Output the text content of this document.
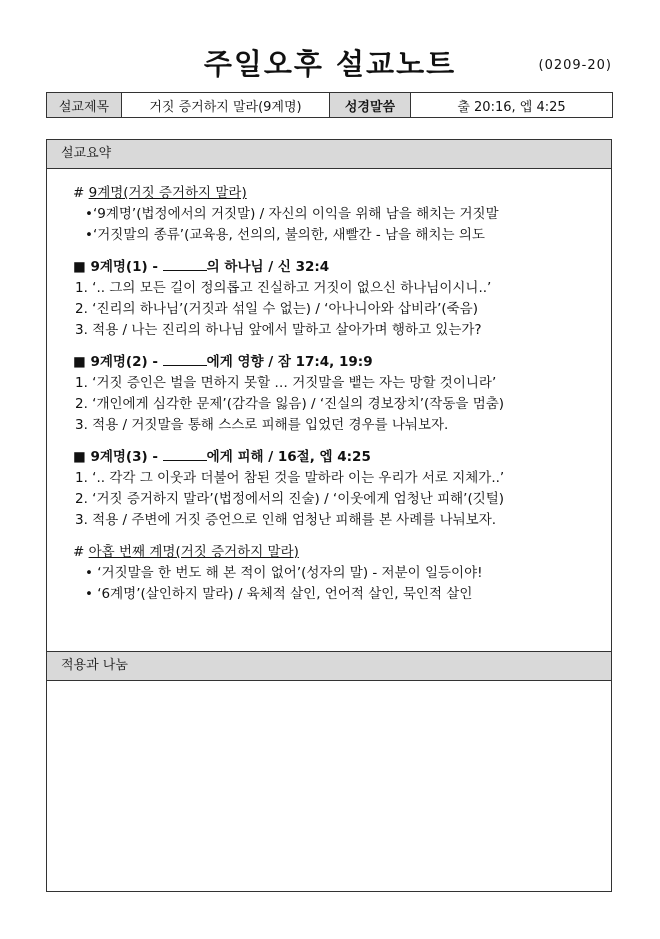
주일오후 설교노트	(0209-20)
설교제목	거짓 증거하지 말라(9계명)	성경말씀	출 20:16, 엡 4:25
설교요약
# 9계명(거짓 증거하지 말라)
•‘9계명’(법정에서의 거짓말) / 자신의 이익을 위해 남을 해치는 거짓말
•‘거짓말의 종류’(교육용, 선의의, 불의한, 새빨간 - 남을 해치는 의도
■ 9계명(1) -	의 하나님 / 신 32:4
1. ‘.. 그의 모든 길이 정의롭고 진실하고 거짓이 없으신 하나님이시니..’
2. ‘진리의 하나님’(거짓과 섞일 수 없는) / ‘아나니아와 삽비라’(죽음)
3. 적용 / 나는 진리의 하나님 앞에서 말하고 살아가며 행하고 있는가?
■ 9계명(2) -	에게 영향 / 잠 17:4, 19:9
1. ‘거짓 증인은 벌을 면하지 못할 … 거짓말을 뱉는 자는 망할 것이니라’
2. ‘개인에게 심각한 문제’(감각을 잃음) / ‘진실의 경보장치’(작동을 멈춤)
3. 적용 / 거짓말을 통해 스스로 피해를 입었던 경우를 나눠보자.
■ 9계명(3) -	에게 피해 / 16절, 엡 4:25
1. ‘.. 각각 그 이웃과 더불어 참된 것을 말하라 이는 우리가 서로 지체가..’
2. ‘거짓 증거하지 말라’(법정에서의 진술) / ‘이웃에게 엄청난 피해’(깃털)
3. 적용 / 주변에 거짓 증언으로 인해 엄청난 피해를 본 사례를 나눠보자.
# 아홉 번째 계명(거짓 증거하지 말라)
• ‘거짓말을 한 번도 해 본 적이 없어’(성자의 말) - 저분이 일등이야!
• ‘6계명’(살인하지 말라) / 육체적 살인, 언어적 살인, 묵인적 살인
적용과 나눔
